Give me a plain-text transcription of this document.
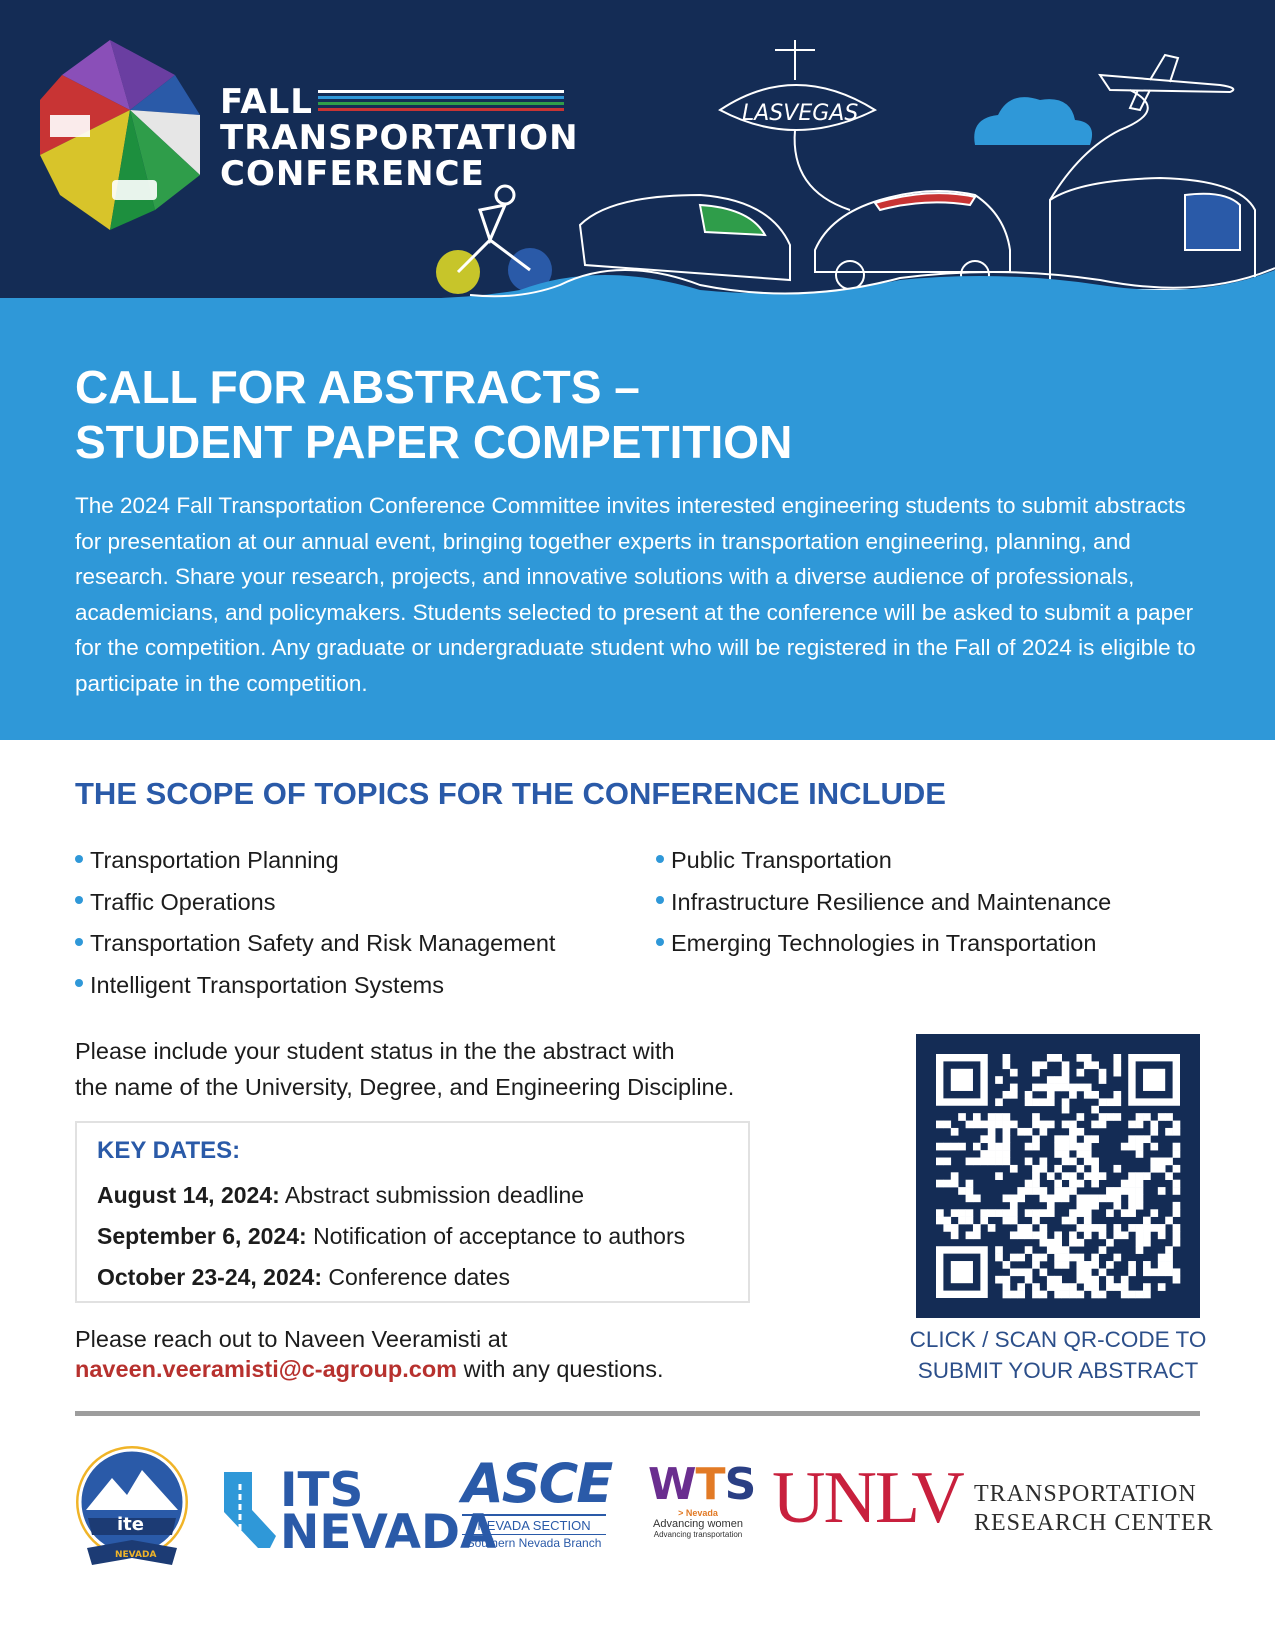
LASVEGAS
FALL
TRANSPORTATION
CONFERENCE
CALL FOR ABSTRACTS –
STUDENT PAPER COMPETITION
The 2024 Fall Transportation Conference Committee invites interested engineering students to submit abstracts for presentation at our annual event, bringing together experts in transportation engineering, planning, and research. Share your research, projects, and innovative solutions with a diverse audience of professionals, academicians, and policymakers. Students selected to present at the conference will be asked to submit a paper for the competition. Any graduate or undergraduate student who will be registered in the Fall of 2024 is eligible to participate in the competition.
THE SCOPE OF TOPICS FOR THE CONFERENCE INCLUDE
Transportation Planning
Traffic Operations
Transportation Safety and Risk Management
Intelligent Transportation Systems
Public Transportation
Infrastructure Resilience and Maintenance
Emerging Technologies in Transportation
Please include your student status in the the abstract with
the name of the University, Degree, and Engineering Discipline.
KEY DATES:
August 14, 2024: Abstract submission deadline
September 6, 2024: Notification of acceptance to authors
October 23-24, 2024: Conference dates
Please reach out to Naveen Veeramisti at
naveen.veeramisti@c-agroup.com with any questions.
CLICK / SCAN QR-CODE TO
SUBMIT YOUR ABSTRACT
ite
NEVADA
ITS
NEVADA
ASCE
NEVADA SECTION
Southern Nevada Branch
WTS
> Nevada
Advancing women
Advancing transportation UNLV TRANSPORTATION
RESEARCH CENTER
